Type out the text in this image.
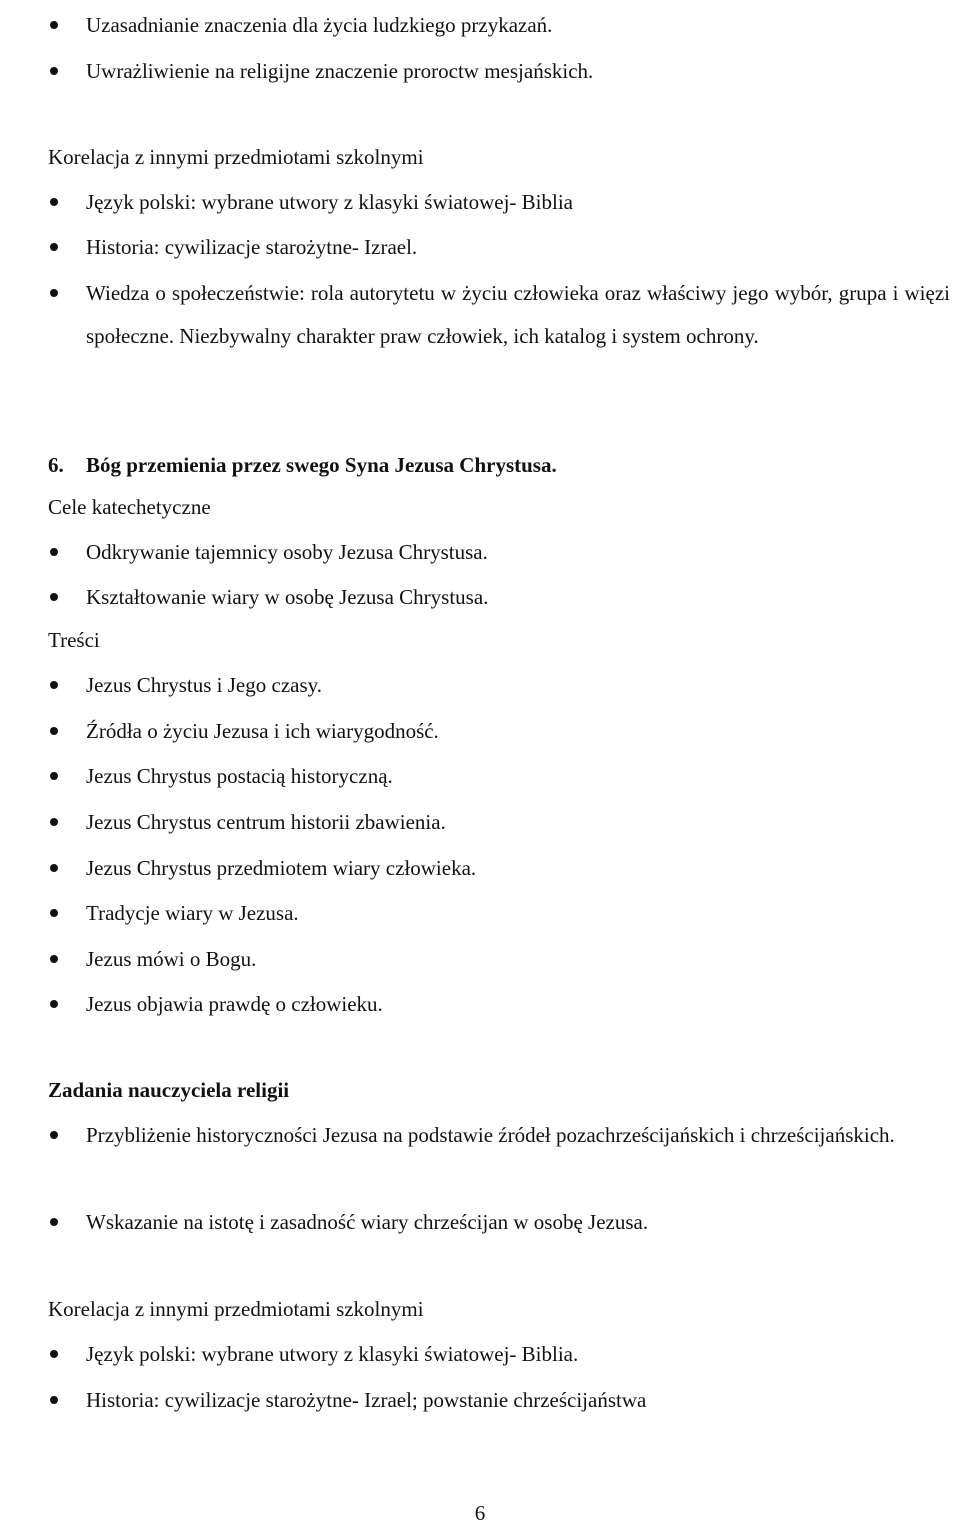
Uzasadnianie znaczenia dla życia ludzkiego przykazań.
Uwrażliwienie na religijne znaczenie proroctw mesjańskich.
Korelacja z innymi przedmiotami szkolnymi
Język polski: wybrane utwory z klasyki światowej- Biblia
Historia: cywilizacje starożytne- Izrael.
Wiedza o społeczeństwie: rola autorytetu w życiu człowieka oraz właściwy jego wybór, grupa i więzi społeczne. Niezbywalny charakter praw człowiek, ich katalog i system ochrony.
6. Bóg przemienia przez swego Syna Jezusa Chrystusa.
Cele katechetyczne
Odkrywanie tajemnicy osoby Jezusa Chrystusa.
Kształtowanie wiary w osobę Jezusa Chrystusa.
Treści
Jezus Chrystus i Jego czasy.
Źródła o życiu Jezusa i ich wiarygodność.
Jezus Chrystus postacią historyczną.
Jezus Chrystus centrum historii zbawienia.
Jezus Chrystus przedmiotem wiary człowieka.
Tradycje wiary w Jezusa.
Jezus mówi o Bogu.
Jezus objawia prawdę o człowieku.
Zadania nauczyciela religii
Przybliżenie historyczności Jezusa na podstawie źródeł pozachrześcijańskich i chrześcijańskich.
Wskazanie na istotę i zasadność wiary chrześcijan w osobę Jezusa.
Korelacja z innymi przedmiotami szkolnymi
Język polski: wybrane utwory z klasyki światowej- Biblia.
Historia: cywilizacje starożytne- Izrael; powstanie chrześcijaństwa
6
